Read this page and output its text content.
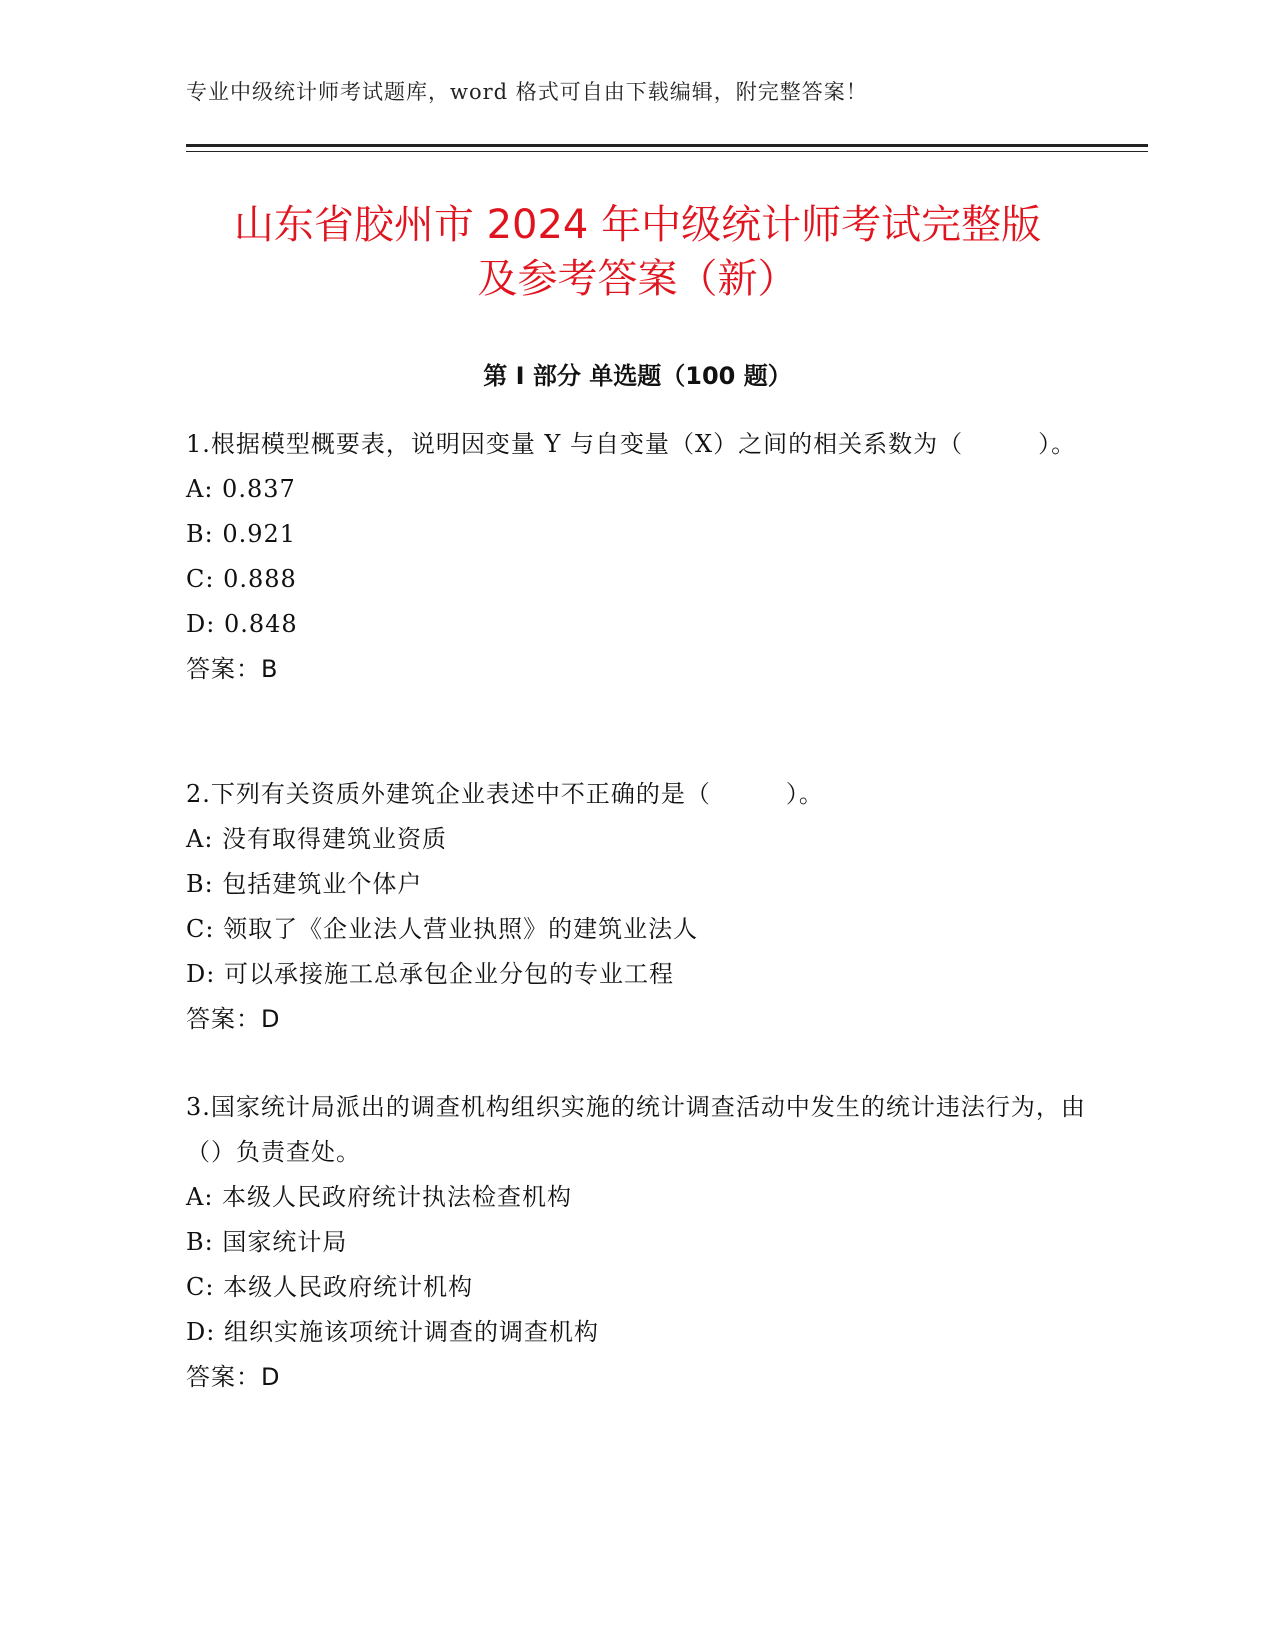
专业中级统计师考试题库，word 格式可自由下载编辑，附完整答案！
山东省胶州市 2024 年中级统计师考试完整版
及参考答案（新）
第 I 部分 单选题（100 题）
1.根据模型概要表，说明因变量 Y 与自变量（X）之间的相关系数为（　　　）。
A: 0.837
B: 0.921
C: 0.888
D: 0.848
答案：B
2.下列有关资质外建筑企业表述中不正确的是（　　　）。
A: 没有取得建筑业资质
B: 包括建筑业个体户
C: 领取了《企业法人营业执照》的建筑业法人
D: 可以承接施工总承包企业分包的专业工程
答案：D
3.国家统计局派出的调查机构组织实施的统计调查活动中发生的统计违法行为，由（）负责查处。
A: 本级人民政府统计执法检查机构
B: 国家统计局
C: 本级人民政府统计机构
D: 组织实施该项统计调查的调查机构
答案：D
